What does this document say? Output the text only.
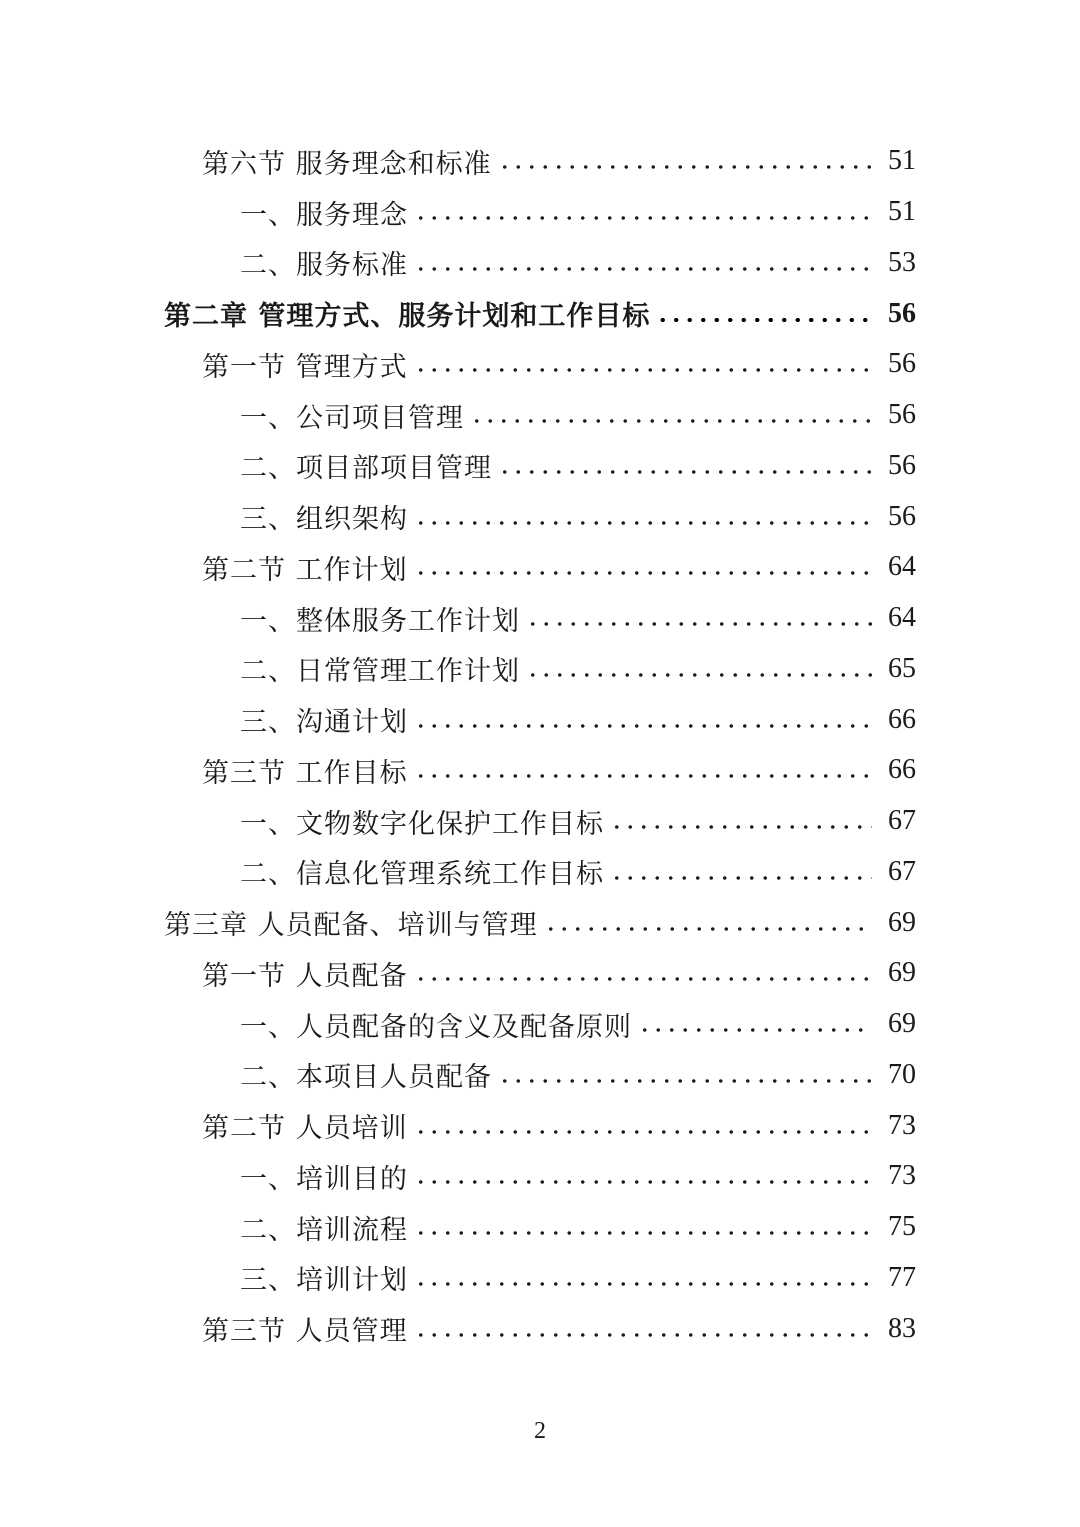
第六节 服务理念和标准	51
一、服务理念	51
二、服务标准	53
第二章 管理方式、服务计划和工作目标	56
第一节 管理方式	56
一、公司项目管理	56
二、项目部项目管理	56
三、组织架构	56
第二节 工作计划	64
一、整体服务工作计划	64
二、日常管理工作计划	65
三、沟通计划	66
第三节 工作目标	66
一、文物数字化保护工作目标	67
二、信息化管理系统工作目标	67
第三章 人员配备、培训与管理	69
第一节 人员配备	69
一、人员配备的含义及配备原则	69
二、本项目人员配备	70
第二节 人员培训	73
一、培训目的	73
二、培训流程	75
三、培训计划	77
第三节 人员管理	83
2
